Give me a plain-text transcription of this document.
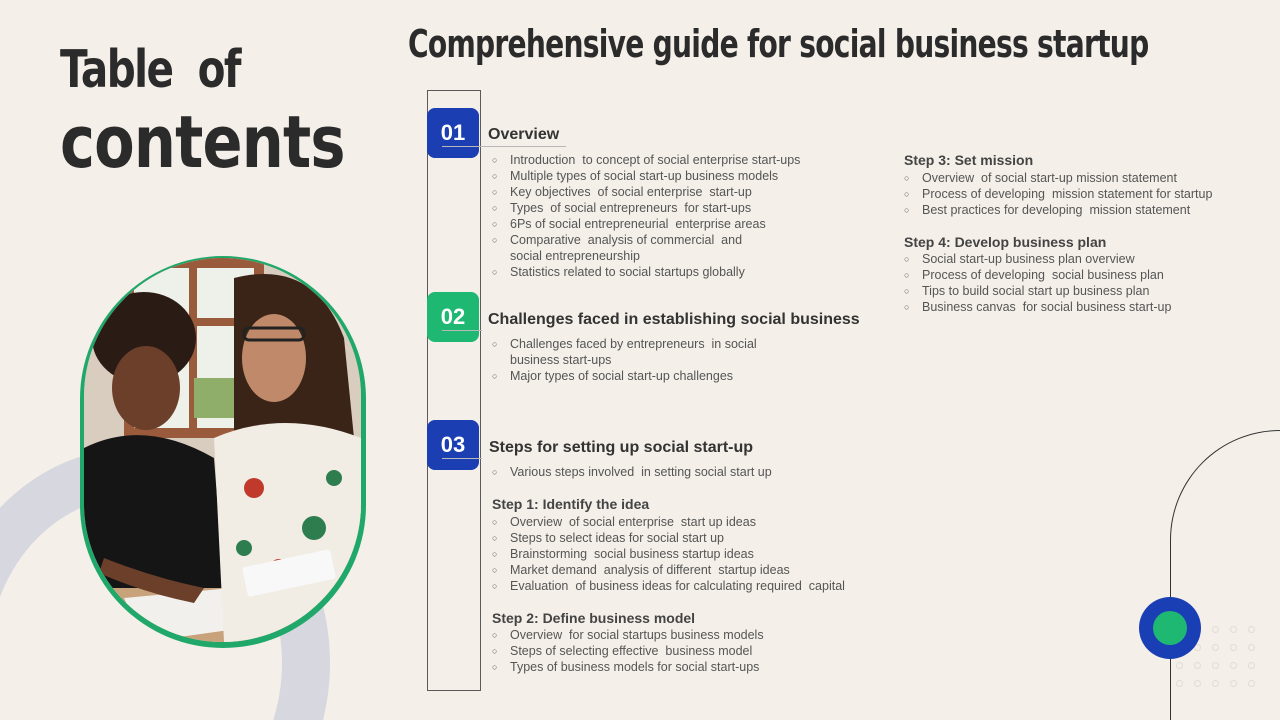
Table  of
contents
Comprehensive guide for social business startup
01	Overview
○ Introduction  to concept of social enterprise start-ups
○ Multiple types of social start-up business models
○ Key objectives  of social enterprise  start-up
○ Types  of social entrepreneurs  for start-ups
○ 6Ps of social entrepreneurial  enterprise areas
○ Comparative  analysis of commercial  and
social entrepreneurship
○ Statistics related to social startups globally
02	Challenges faced in establishing social business
○ Challenges faced by entrepreneurs  in social
business start-ups
○ Major types of social start-up challenges
03	Steps for setting up social start-up
○ Various steps involved  in setting social start up
Step 1: Identify the idea
○ Overview  of social enterprise  start up ideas
○ Steps to select ideas for social start up
○ Brainstorming  social business startup ideas
○ Market demand  analysis of different  startup ideas
○ Evaluation  of business ideas for calculating required  capital
Step 2: Define business model
○ Overview  for social startups business models
○ Steps of selecting effective  business model
○ Types of business models for social start-ups
Step 3: Set mission
○ Overview  of social start-up mission statement
○ Process of developing  mission statement for startup
○ Best practices for developing  mission statement
Step 4: Develop business plan
○ Social start-up business plan overview
○ Process of developing  social business plan
○ Tips to build social start up business plan
○ Business canvas  for social business start-up
